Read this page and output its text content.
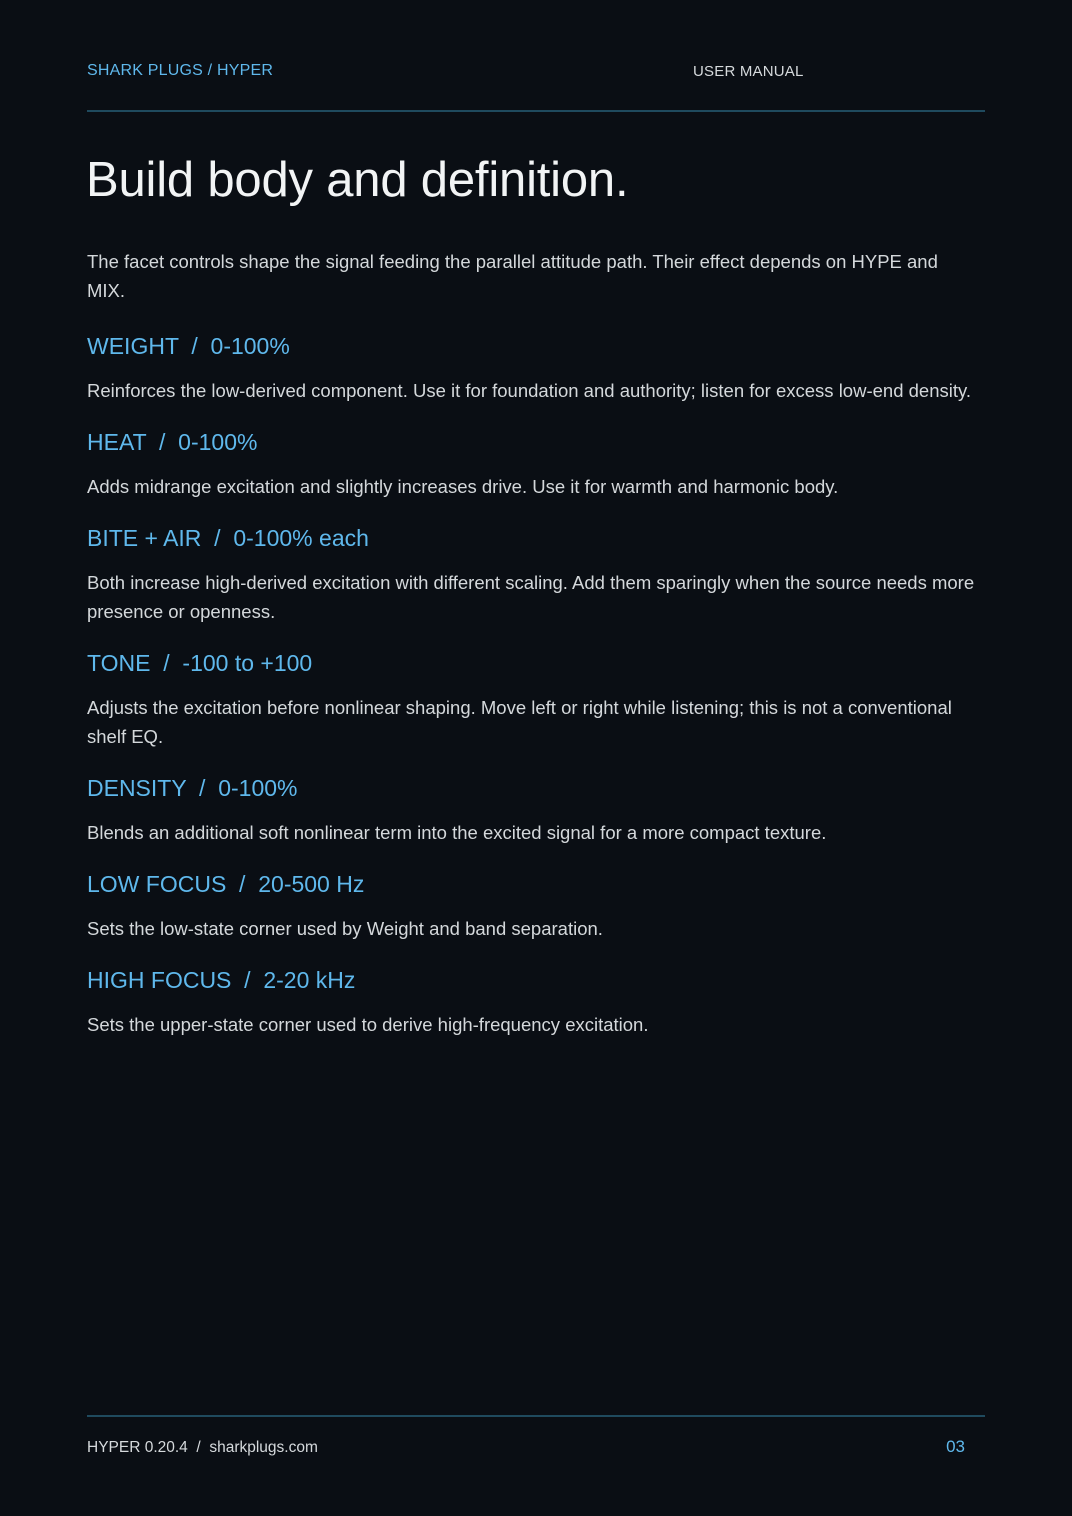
SHARK PLUGS / HYPER	USER MANUAL
Build body and definition.

The facet controls shape the signal feeding the parallel attitude path. Their effect depends on HYPE and MIX.

WEIGHT  /  0-100%

Reinforces the low-derived component. Use it for foundation and authority; listen for excess low-end density.

HEAT  /  0-100%

Adds midrange excitation and slightly increases drive. Use it for warmth and harmonic body.

BITE + AIR  /  0-100% each

Both increase high-derived excitation with different scaling. Add them sparingly when the source needs more presence or openness.

TONE  /  -100 to +100

Adjusts the excitation before nonlinear shaping. Move left or right while listening; this is not a conventional shelf EQ.

DENSITY  /  0-100%

Blends an additional soft nonlinear term into the excited signal for a more compact texture.

LOW FOCUS  /  20-500 Hz

Sets the low-state corner used by Weight and band separation.

HIGH FOCUS  /  2-20 kHz

Sets the upper-state corner used to derive high-frequency excitation.

HYPER 0.20.4  /  sharkplugs.com	03
